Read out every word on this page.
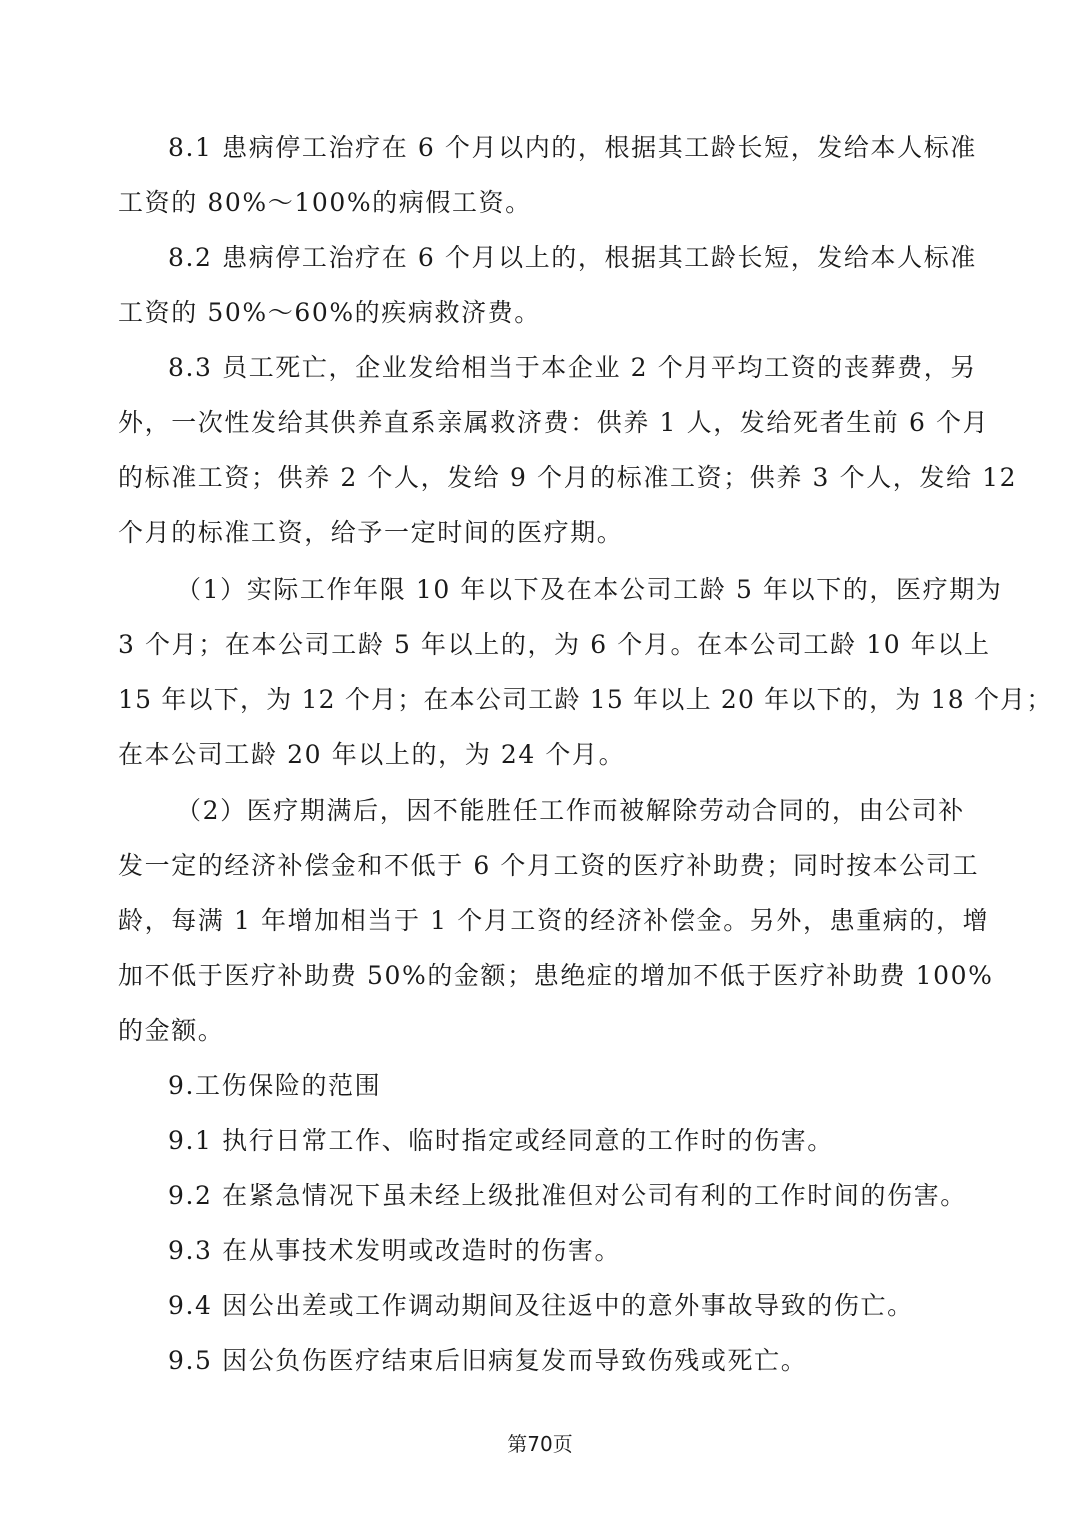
8.1 患病停工治疗在 6 个月以内的，根据其工龄长短，发给本人标准
工资的 80%～100%的病假工资。
8.2 患病停工治疗在 6 个月以上的，根据其工龄长短，发给本人标准
工资的 50%～60%的疾病救济费。
8.3 员工死亡，企业发给相当于本企业 2 个月平均工资的丧葬费，另
外，一次性发给其供养直系亲属救济费：供养 1 人，发给死者生前 6 个月
的标准工资；供养 2 个人，发给 9 个月的标准工资；供养 3 个人，发给 12
个月的标准工资，给予一定时间的医疗期。
（1）实际工作年限 10 年以下及在本公司工龄 5 年以下的，医疗期为
3 个月；在本公司工龄 5 年以上的，为 6 个月。在本公司工龄 10 年以上
15 年以下，为 12 个月；在本公司工龄 15 年以上 20 年以下的，为 18 个月；
在本公司工龄 20 年以上的，为 24 个月。
（2）医疗期满后，因不能胜任工作而被解除劳动合同的，由公司补
发一定的经济补偿金和不低于 6 个月工资的医疗补助费；同时按本公司工
龄，每满 1 年增加相当于 1 个月工资的经济补偿金。另外，患重病的，增
加不低于医疗补助费 50%的金额；患绝症的增加不低于医疗补助费 100%
的金额。
9.工伤保险的范围
9.1 执行日常工作、临时指定或经同意的工作时的伤害。
9.2 在紧急情况下虽未经上级批准但对公司有利的工作时间的伤害。
9.3 在从事技术发明或改造时的伤害。
9.4 因公出差或工作调动期间及往返中的意外事故导致的伤亡。
9.5 因公负伤医疗结束后旧病复发而导致伤残或死亡。
第70页
